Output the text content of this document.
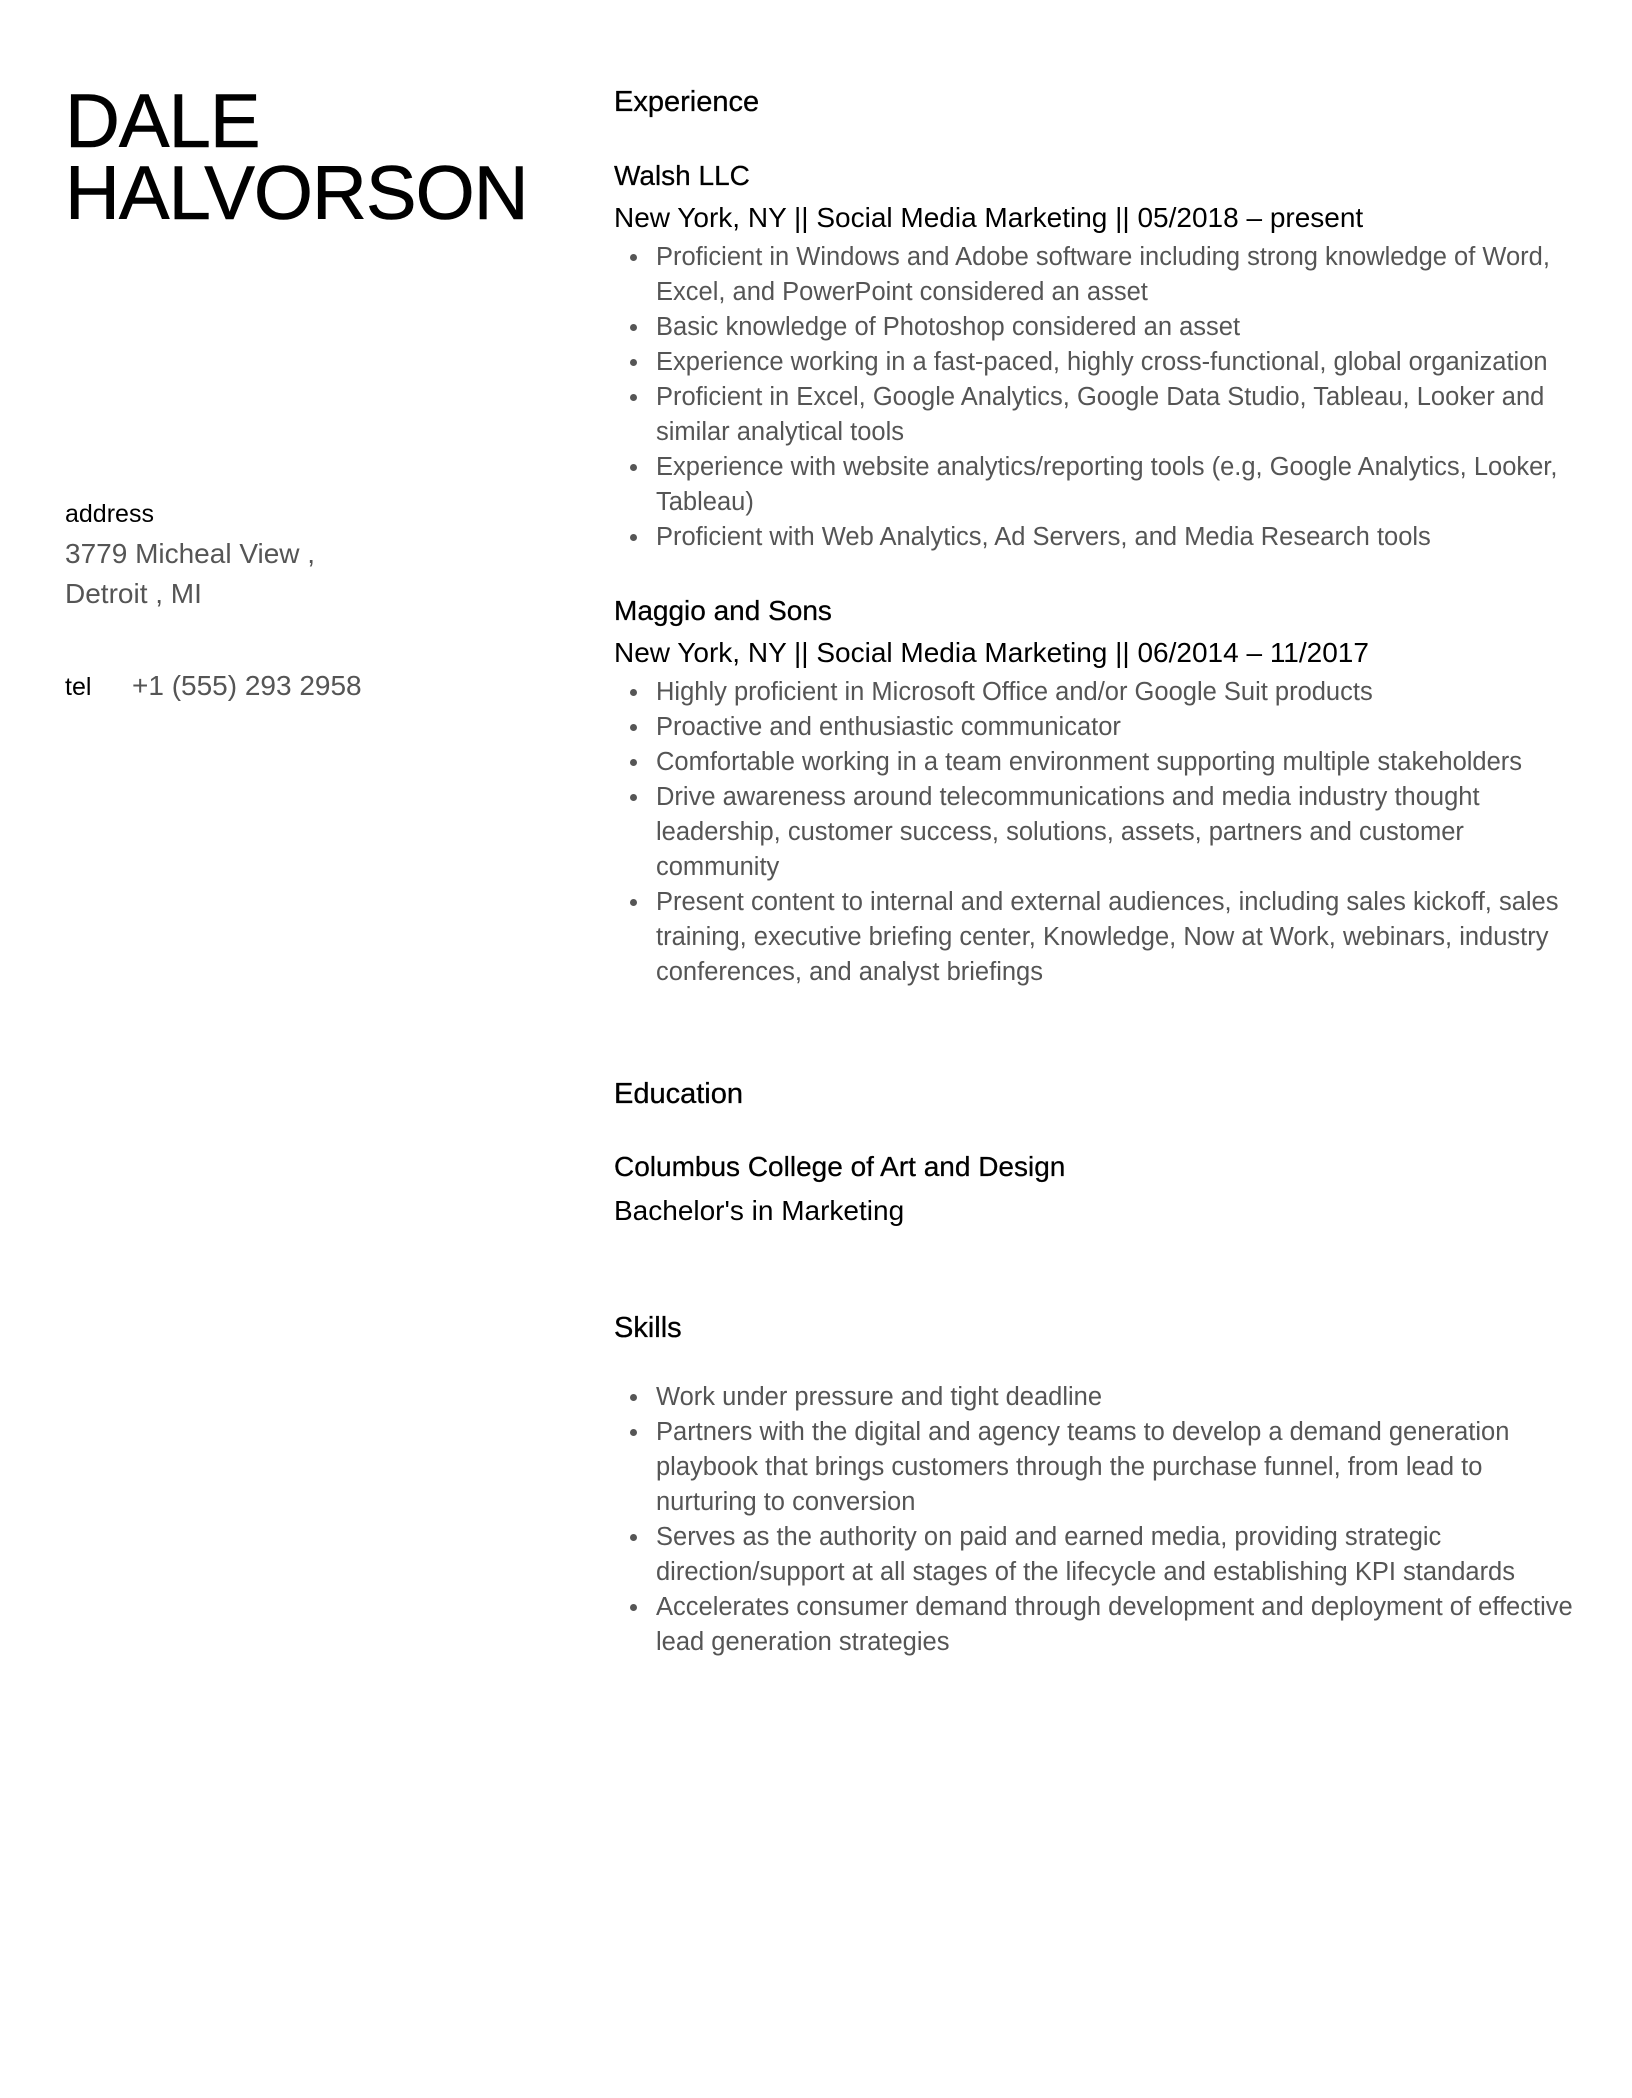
DALE
HALVORSON
address
3779 Micheal View ,
Detroit , MI
tel	+1 (555) 293 2958
Experience
Walsh LLC
New York, NY || Social Media Marketing || 05/2018 – present
Proficient in Windows and Adobe software including strong knowledge of Word, Excel, and PowerPoint considered an asset
Basic knowledge of Photoshop considered an asset
Experience working in a fast-paced, highly cross-functional, global organization
Proficient in Excel, Google Analytics, Google Data Studio, Tableau, Looker and similar analytical tools
Experience with website analytics/reporting tools (e.g, Google Analytics, Looker, Tableau)
Proficient with Web Analytics, Ad Servers, and Media Research tools
Maggio and Sons
New York, NY || Social Media Marketing || 06/2014 – 11/2017
Highly proficient in Microsoft Office and/or Google Suit products
Proactive and enthusiastic communicator
Comfortable working in a team environment supporting multiple stakeholders
Drive awareness around telecommunications and media industry thought leadership, customer success, solutions, assets, partners and customer community
Present content to internal and external audiences, including sales kickoff, sales training, executive briefing center, Knowledge, Now at Work, webinars, industry conferences, and analyst briefings
Education
Columbus College of Art and Design
Bachelor's in Marketing
Skills
Work under pressure and tight deadline
Partners with the digital and agency teams to develop a demand generation playbook that brings customers through the purchase funnel, from lead to nurturing to conversion
Serves as the authority on paid and earned media, providing strategic direction/support at all stages of the lifecycle and establishing KPI standards
Accelerates consumer demand through development and deployment of effective lead generation strategies
